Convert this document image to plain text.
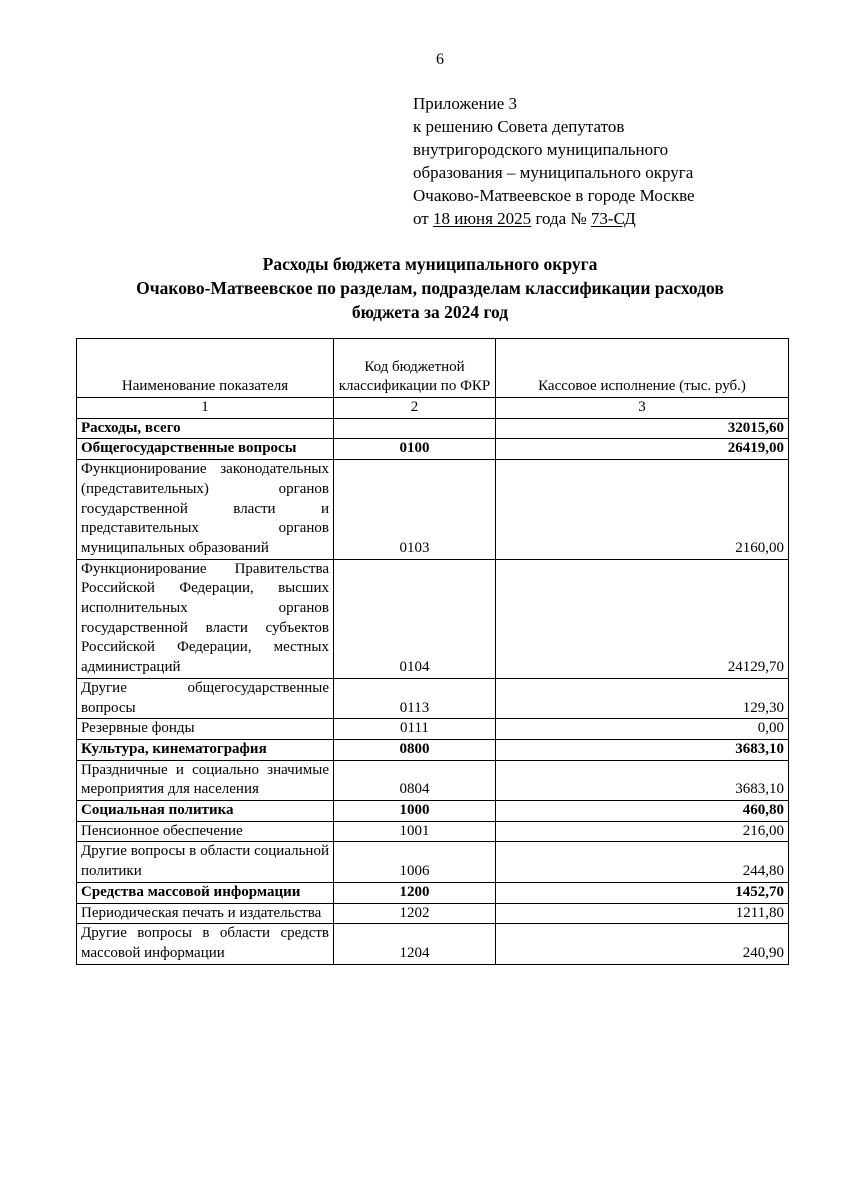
6
Приложение 3
к решению Совета депутатов
внутригородского муниципального
образования – муниципального округа
Очаково-Матвеевское в городе Москве
от 18 июня 2025 года № 73-СД
Расходы бюджета муниципального округа
Очаково-Матвеевское по разделам, подразделам классификации расходов
бюджета за 2024 год
Наименование показателя	Код бюджетной классификации по ФКР	Кассовое исполнение (тыс. руб.)
1	2	3
Расходы, всего		32015,60
Общегосударственные вопросы	0100	26419,00
Функционирование законодательных (представительных) органов государственной власти и представительных органов муниципальных образований	0103	2160,00
Функционирование Правительства Российской Федерации, высших исполнительных органов государственной власти субъектов Российской Федерации, местных администраций	0104	24129,70
Другие общегосударственные вопросы	0113	129,30
Резервные фонды	0111	0,00
Культура, кинематография	0800	3683,10
Праздничные и социально значимые мероприятия для населения	0804	3683,10
Социальная политика	1000	460,80
Пенсионное обеспечение	1001	216,00
Другие вопросы в области социальной политики	1006	244,80
Средства массовой информации	1200	1452,70
Периодическая печать и издательства	1202	1211,80
Другие вопросы в области средств массовой информации	1204	240,90
